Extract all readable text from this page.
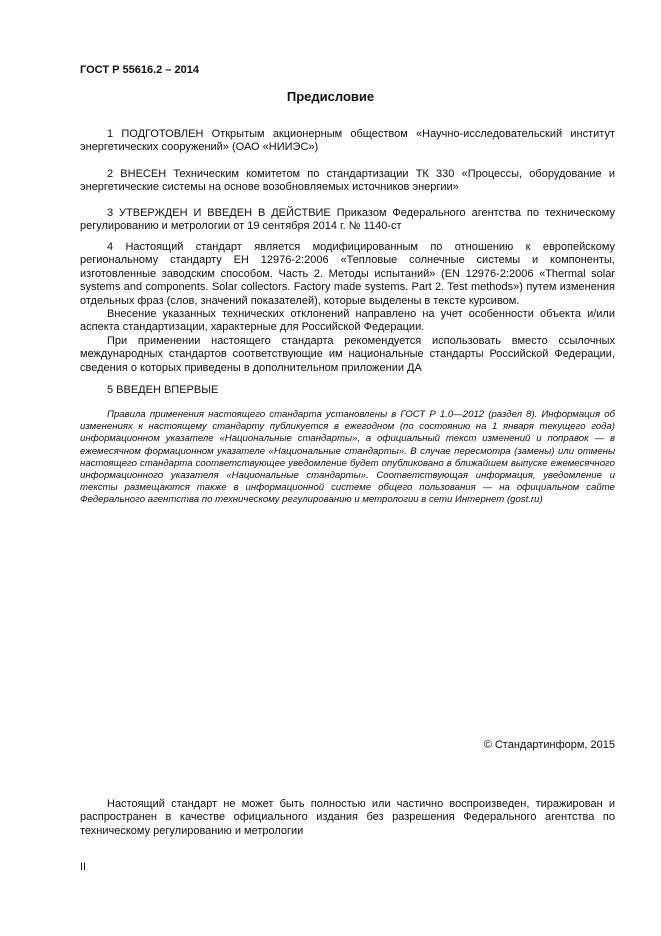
ГОСТ Р 55616.2 – 2014
Предисловие

1 ПОДГОТОВЛЕН Открытым акционерным обществом «Научно-исследовательский институт энергетических сооружений» (ОАО «НИИЭС»)

2 ВНЕСЕН Техническим комитетом по стандартизации ТК 330 «Процессы, оборудование и энергетические системы на основе возобновляемых источников энергии»

3 УТВЕРЖДЕН И ВВЕДЕН В ДЕЙСТВИЕ Приказом Федерального агентства по техническому регулированию и метрологии от 19 сентября 2014 г. № 1140-ст

4 Настоящий стандарт является модифицированным по отношению к европейскому региональному стандарту ЕН 12976-2:2006 «Тепловые солнечные системы и компоненты, изготовленные заводским способом. Часть 2. Методы испытаний» (EN 12976-2:2006 «Thermal solar systems and components. Solar collectors. Factory made systems. Part 2. Test methods») путем изменения отдельных фраз (слов, значений показателей), которые выделены в тексте курсивом.

Внесение указанных технических отклонений направлено на учет особенности объекта и/или аспекта стандартизации, характерные для Российской Федерации.

При применении настоящего стандарта рекомендуется использовать вместо ссылочных международных стандартов соответствующие им национальные стандарты Российской Федерации, сведения о которых приведены в дополнительном приложении ДА

5 ВВЕДЕН ВПЕРВЫЕ

Правила применения настоящего стандарта установлены в ГОСТ Р 1.0—2012 (раздел 8). Информация об изменениях к настоящему стандарту публикуется в ежегодном (по состоянию на 1 января текущего года) информационном указателе «Национальные стандарты», а официальный текст изменений и поправок — в ежемесячном формационном указателе «Национальные стандарты». В случае пересмотра (замены) или отмены настоящего стандарта соответствующее уведомление будет опубликовано в ближайшем выпуске ежемесячного информационного указателя «Национальные стандарты». Соответствующая информация, уведомление и тексты размещаются также в информационной системе общего пользования — на официальном сайте Федерального агентства по техническому регулированию и метрологии в сети Интернет (gost.ru)

© Стандартинформ, 2015

Настоящий стандарт не может быть полностью или частично воспроизведен, тиражирован и распространен в качестве официального издания без разрешения Федерального агентства по техническому регулированию и метрологии

II
